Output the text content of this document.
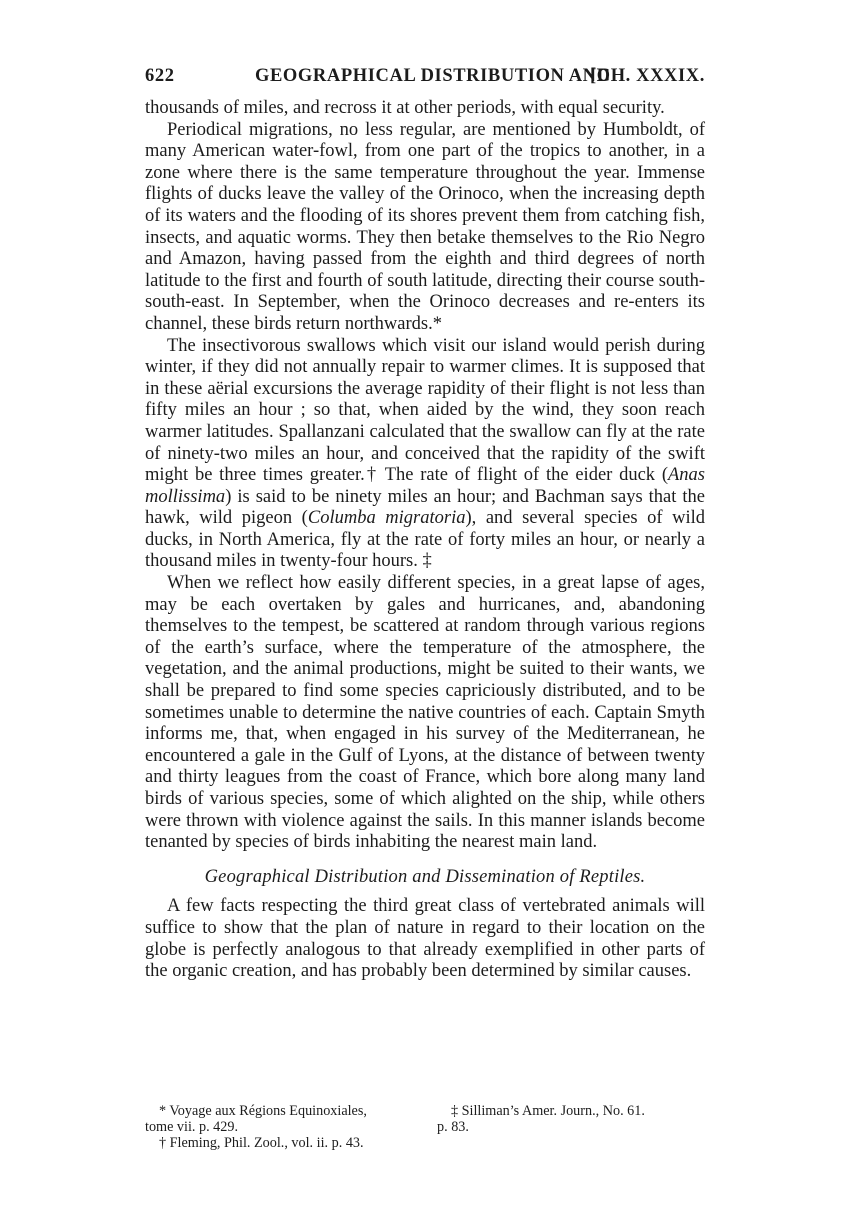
622	GEOGRAPHICAL DISTRIBUTION AND
[CH. XXXIX.

thousands of miles, and recross it at other periods, with equal security.

Periodical migrations, no less regular, are mentioned by Humboldt, of many American water-fowl, from one part of the tropics to another, in a zone where there is the same temperature throughout the year. Immense flights of ducks leave the valley of the Orinoco, when the increasing depth of its waters and the flooding of its shores prevent them from catching fish, insects, and aquatic worms. They then betake themselves to the Rio Negro and Amazon, having passed from the eighth and third degrees of north latitude to the first and fourth of south latitude, directing their course south-south-east. In September, when the Orinoco decreases and re-enters its channel, these birds return northwards.*

The insectivorous swallows which visit our island would perish during winter, if they did not annually repair to warmer climes. It is supposed that in these aërial excursions the average rapidity of their flight is not less than fifty miles an hour ; so that, when aided by the wind, they soon reach warmer latitudes. Spallanzani calculated that the swallow can fly at the rate of ninety-two miles an hour, and conceived that the rapidity of the swift might be three times greater.† The rate of flight of the eider duck (Anas mollissima) is said to be ninety miles an hour; and Bachman says that the hawk, wild pigeon (Columba migratoria), and several species of wild ducks, in North America, fly at the rate of forty miles an hour, or nearly a thousand miles in twenty-four hours. ‡

When we reflect how easily different species, in a great lapse of ages, may be each overtaken by gales and hurricanes, and, abandoning themselves to the tempest, be scattered at random through various regions of the earth’s surface, where the temperature of the atmosphere, the vegetation, and the animal productions, might be suited to their wants, we shall be prepared to find some species capriciously distributed, and to be sometimes unable to determine the native countries of each. Captain Smyth informs me, that, when engaged in his survey of the Mediterranean, he encountered a gale in the Gulf of Lyons, at the distance of between twenty and thirty leagues from the coast of France, which bore along many land birds of various species, some of which alighted on the ship, while others were thrown with violence against the sails. In this manner islands become tenanted by species of birds inhabiting the nearest main land.

Geographical Distribution and Dissemination of Reptiles.

A few facts respecting the third great class of vertebrated animals will suffice to show that the plan of nature in regard to their location on the globe is perfectly analogous to that already exemplified in other parts of the organic creation, and has probably been determined by similar causes.

* Voyage aux Régions Equinoxiales,

tome vii. p. 429.

† Fleming, Phil. Zool., vol. ii. p. 43.

‡ Silliman’s Amer. Journ., No. 61.

p. 83.
